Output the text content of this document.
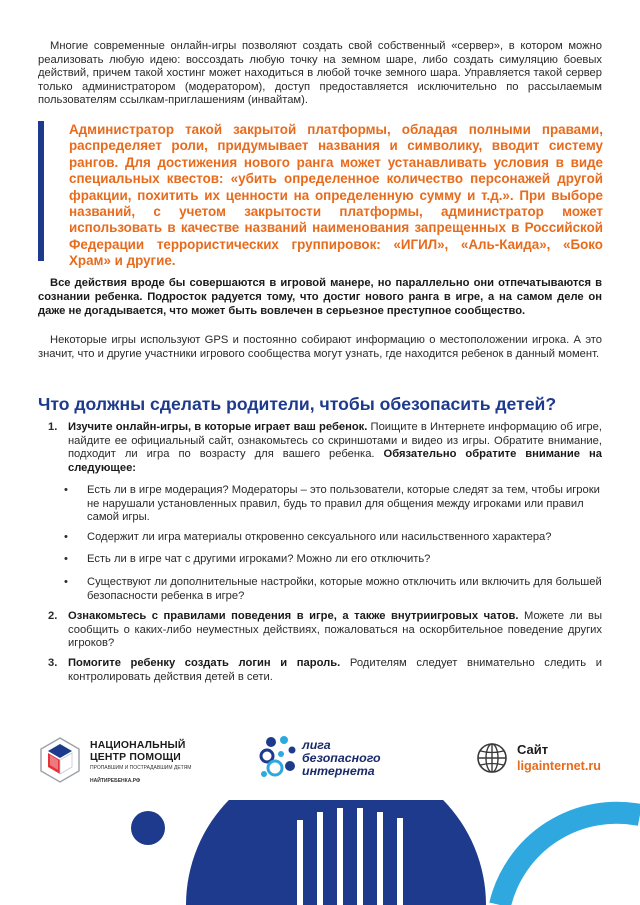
Многие современные онлайн-игры позволяют создать свой собственный «сервер», в котором можно реализовать любую идею: воссоздать любую точку на земном шаре, либо создать симуляцию боевых действий, причем такой хостинг может находиться в любой точке земного шара. Управляется такой сервер только администратором (модератором), доступ предоставляется исключительно по рассылаемым пользователям ссылкам-приглашениям (инвайтам).

Администратор такой закрытой платформы, обладая полными правами, распределяет роли, придумывает названия и символику, вводит систему рангов. Для достижения нового ранга может устанавливать условия в виде специальных квестов: «убить определенное количество персонажей другой фракции, похитить их ценности на определенную сумму и т.д.». При выборе названий, с учетом закрытости платформы, администратор может использовать в качестве названий наименования запрещенных в Российской Федерации террористических группировок: «ИГИЛ», «Аль-Каида», «Боко Храм» и другие.

Все действия вроде бы совершаются в игровой манере, но параллельно они отпечатываются в сознании ребенка. Подросток радуется тому, что достиг нового ранга в игре, а на самом деле он даже не догадывается, что может быть вовлечен в серьезное преступное сообщество.

Некоторые игры используют GPS и постоянно собирают информацию о местоположении игрока. А это значит, что и другие участники игрового сообщества могут узнать, где находится ребенок в данный момент.

Что должны сделать родители, чтобы обезопасить детей?
1. Изучите онлайн-игры, в которые играет ваш ребенок. Поищите в Интернете информацию об игре, найдите ее официальный сайт, ознакомьтесь со скриншотами и видео из игры. Обратите внимание, подходит ли игра по возрасту для вашего ребенка. Обязательно обратите внимание на следующее:
• Есть ли в игре модерация? Модераторы – это пользователи, которые следят за тем, чтобы игроки не нарушали установленных правил, будь то правил для общения между игроками или правил самой игры.
• Содержит ли игра материалы откровенно сексуального или насильственного характера?
• Есть ли в игре чат с другими игроками? Можно ли его отключить?
• Существуют ли дополнительные настройки, которые можно отключить или включить для большей безопасности ребенка в игре?
2. Ознакомьтесь с правилами поведения в игре, а также внутриигровых чатов. Можете ли вы сообщить о каких-либо неуместных действиях, пожаловаться на оскорбительное поведение других игроков?
3. Помогите ребенку создать логин и пароль. Родителям следует внимательно следить и контролировать действия детей в сети.
НАЦИОНАЛЬНЫЙ
ЦЕНТР ПОМОЩИ
ПРОПАВШИМ И ПОСТРАДАВШИМ ДЕТЯМ
НАЙТИРЕБЕНКА.РФ
лига
безопасного
интернета
Сайт
ligainternet.ru
